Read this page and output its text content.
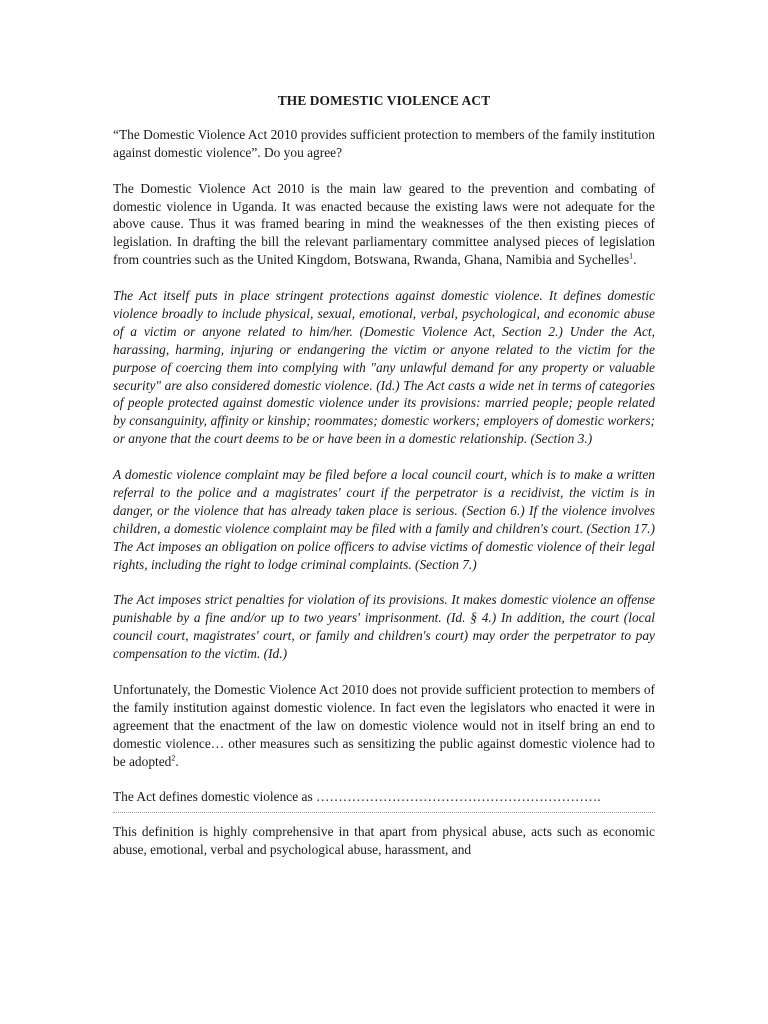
THE DOMESTIC VIOLENCE ACT

“The Domestic Violence Act 2010 provides sufficient protection to members of the family institution against domestic violence”. Do you agree?

The Domestic Violence Act 2010 is the main law geared to the prevention and combating of domestic violence in Uganda. It was enacted because the existing laws were not adequate for the above cause. Thus it was framed bearing in mind the weaknesses of the then existing pieces of legislation. In drafting the bill the relevant parliamentary committee analysed pieces of legislation from countries such as the United Kingdom, Botswana, Rwanda, Ghana, Namibia and Sychelles$^1$.

The Act itself puts in place stringent protections against domestic violence. It defines domestic violence broadly to include physical, sexual, emotional, verbal, psychological, and economic abuse of a victim or anyone related to him/her. (Domestic Violence Act, Section 2.) Under the Act, harassing, harming, injuring or endangering the victim or anyone related to the victim for the purpose of coercing them into complying with "any unlawful demand for any property or valuable security" are also considered domestic violence. (Id.) The Act casts a wide net in terms of categories of people protected against domestic violence under its provisions: married people; people related by consanguinity, affinity or kinship; roommates; domestic workers; employers of domestic workers; or anyone that the court deems to be or have been in a domestic relationship. (Section 3.)

A domestic violence complaint may be filed before a local council court, which is to make a written referral to the police and a magistrates' court if the perpetrator is a recidivist, the victim is in danger, or the violence that has already taken place is serious. (Section 6.) If the violence involves children, a domestic violence complaint may be filed with a family and children's court. (Section 17.) The Act imposes an obligation on police officers to advise victims of domestic violence of their legal rights, including the right to lodge criminal complaints. (Section 7.)

The Act imposes strict penalties for violation of its provisions. It makes domestic violence an offense punishable by a fine and/or up to two years' imprisonment. (Id. § 4.) In addition, the court (local council court, magistrates' court, or family and children's court) may order the perpetrator to pay compensation to the victim. (Id.)

Unfortunately, the Domestic Violence Act 2010 does not provide sufficient protection to members of the family institution against domestic violence. In fact even the legislators who enacted it were in agreement that the enactment of the law on domestic violence would not in itself bring an end to domestic violence… other measures such as sensitizing the public against domestic violence had to be adopted$^2$.

The Act defines domestic violence as ……………………………………………………….

This definition is highly comprehensive in that apart from physical abuse, acts such as economic abuse, emotional, verbal and psychological abuse, harassment, and
